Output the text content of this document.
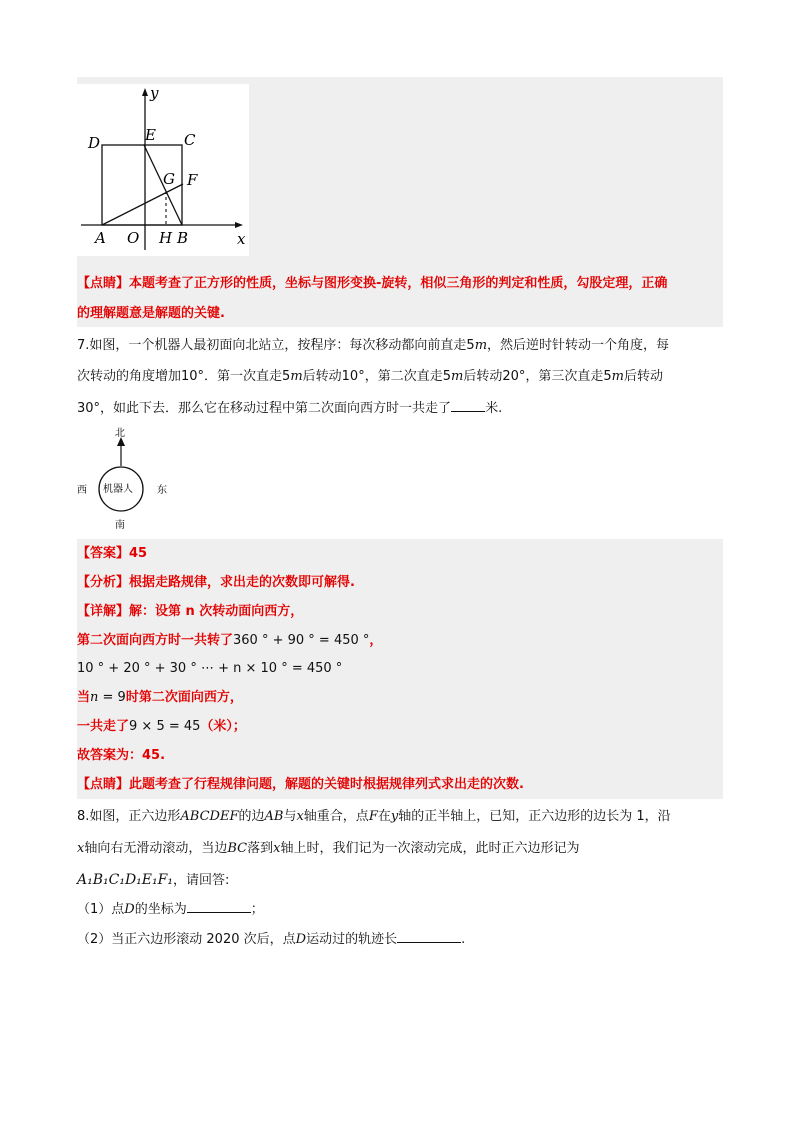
y
x
D	E C
G F
A O H B
【点睛】本题考查了正方形的性质，坐标与图形变换-旋转，相似三角形的判定和性质，勾股定理，正确
的理解题意是解题的关键.
7.如图，一个机器人最初面向北站立，按程序：每次移动都向前直走5m，然后逆时针转动一个角度，每
次转动的角度增加10°．第一次直走5m后转动10°，第二次直走5m后转动20°，第三次直走5m后转动
30°，如此下去．那么它在移动过程中第二次面向西方时一共走了	米.
北
西	东
南
机器人
【答案】45
【分析】根据走路规律，求出走的次数即可解得.
【详解】解：设第 n 次转动面向西方，
第二次面向西方时一共转了360 ° + 90 ° = 450 °，
10 ° + 20 ° + 30 ° ⋯ + n × 10 ° = 450 °
当n = 9时第二次面向西方，
一共走了9 × 5 = 45（米）；
故答案为：45.
【点睛】此题考查了行程规律问题，解题的关键时根据规律列式求出走的次数.
8.如图，正六边形ABCDEF的边AB与x轴重合，点F在y轴的正半轴上，已知，正六边形的边长为 1，沿
x轴向右无滑动滚动，当边BC落到x轴上时，我们记为一次滚动完成，此时正六边形记为
A₁B₁C₁D₁E₁F₁，请回答:
（1）点D的坐标为	；
（2）当正六边形滚动 2020 次后，点D运动过的轨迹长	.
